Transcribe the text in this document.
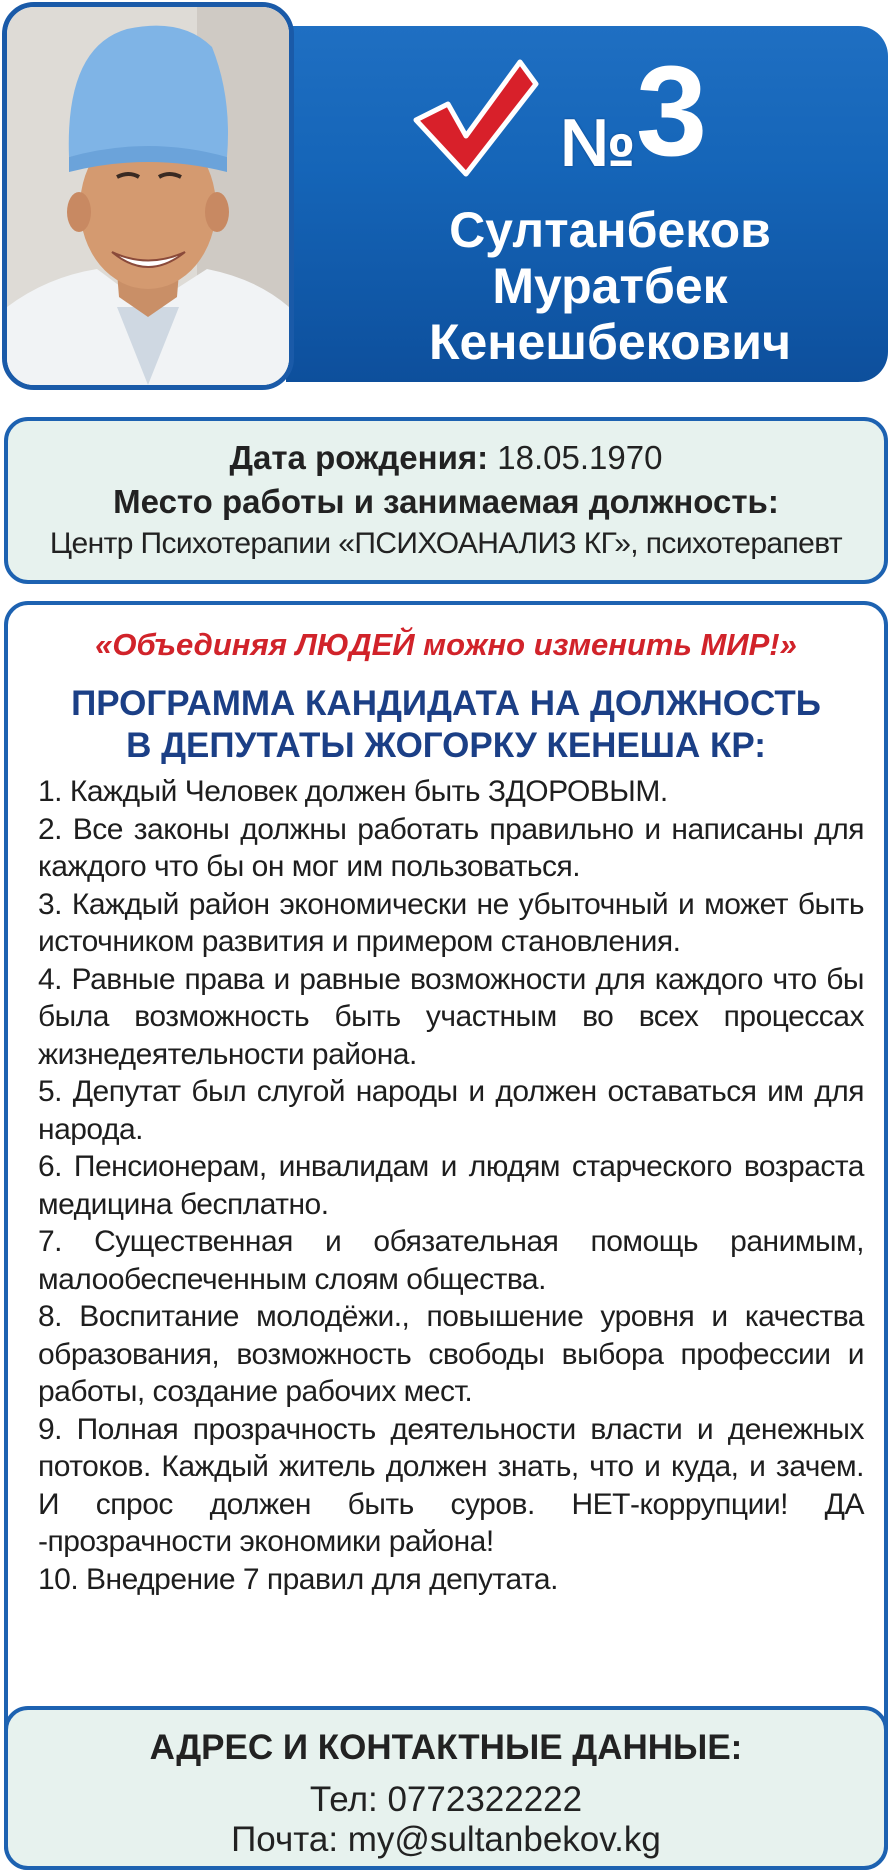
№ 3
Султанбеков
Муратбек
Кенешбекович
Дата рождения: 18.05.1970
Место работы и занимаемая должность:
Центр Психотерапии «ПСИХОАНАЛИЗ КГ», психотерапевт
«Объединяя ЛЮДЕЙ можно изменить МИР!»
ПРОГРАММА КАНДИДАТА НА ДОЛЖНОСТЬ
В ДЕПУТАТЫ ЖОГОРКУ КЕНЕША КР:

1. Каждый Человек должен быть ЗДОРОВЫМ.

2. Все законы должны работать правильно и написаны для каждого что бы он мог им пользоваться.

3. Каждый район экономически не убыточный и может быть источником развития и примером становления.

4. Равные права и равные возможности для каждого что бы была возможность быть участным во всех процессах жизнедеятельности района.

5. Депутат был слугой народы и должен оставаться им для народа.

6. Пенсионерам, инвалидам и людям старческого возраста медицина бесплатно.

7. Существенная и обязательная помощь ранимым, малообеспеченным слоям общества.

8. Воспитание молодёжи., повышение уровня и качества образования, возможность свободы выбора профессии и работы, создание рабочих мест.

9. Полная прозрачность деятельности власти и денежных потоков. Каждый житель должен знать, что и куда, и зачем. И спрос должен быть суров. НЕТ-коррупции! ДА -прозрачности экономики района!

10. Внедрение 7 правил для депутата.

АДРЕС И КОНТАКТНЫЕ ДАННЫЕ:
Тел: 0772322222
Почта: my@sultanbekov.kg
